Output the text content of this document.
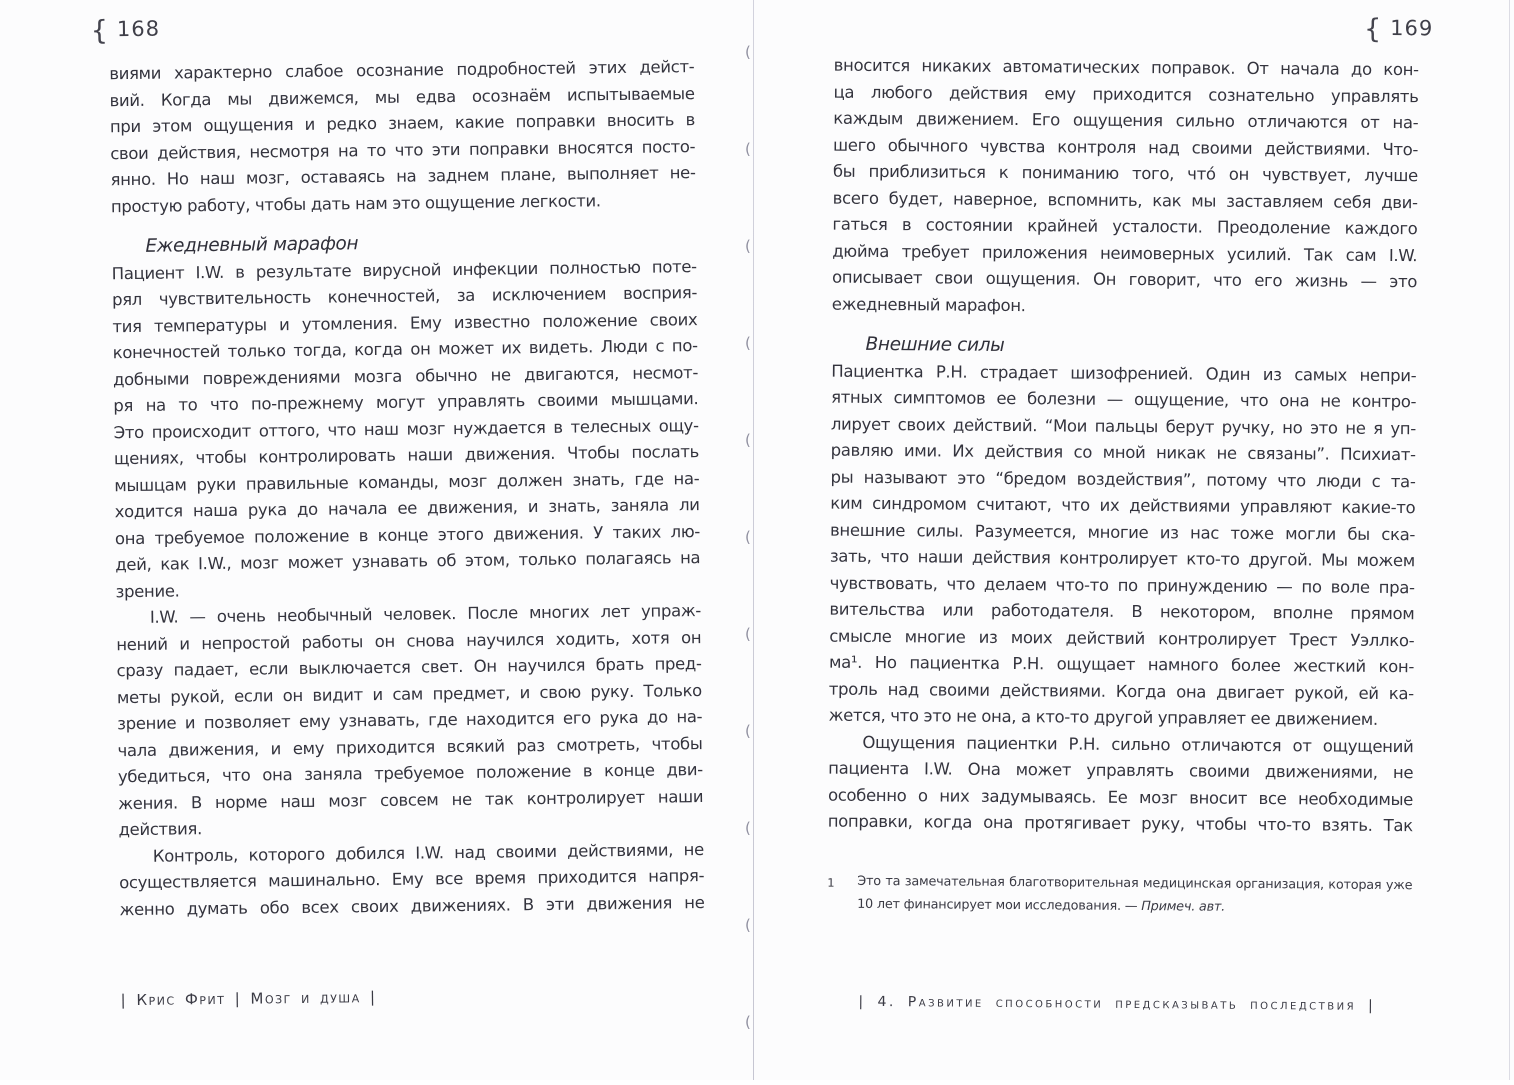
{ 168
виями характерно слабое осознание подробностей этих дейст-
вий. Когда мы движемся, мы едва осознаём испытываемые
при этом ощущения и редко знаем, какие поправки вносить в
свои действия, несмотря на то что эти поправки вносятся посто-
янно. Но наш мозг, оставаясь на заднем плане, выполняет не-
простую работу, чтобы дать нам это ощущение легкости.
Ежедневный марафон
Пациент I.W. в результате вирусной инфекции полностью поте-
рял чувствительность конечностей, за исключением восприя-
тия температуры и утомления. Ему известно положение своих
конечностей только тогда, когда он может их видеть. Люди с по-
добными повреждениями мозга обычно не двигаются, несмот-
ря на то что по-прежнему могут управлять своими мышцами.
Это происходит оттого, что наш мозг нуждается в телесных ощу-
щениях, чтобы контролировать наши движения. Чтобы послать
мышцам руки правильные команды, мозг должен знать, где на-
ходится наша рука до начала ее движения, и знать, заняла ли
она требуемое положение в конце этого движения. У таких лю-
дей, как I.W., мозг может узнавать об этом, только полагаясь на
зрение.
I.W. — очень необычный человек. После многих лет упраж-
нений и непростой работы он снова научился ходить, хотя он
сразу падает, если выключается свет. Он научился брать пред-
меты рукой, если он видит и сам предмет, и свою руку. Только
зрение и позволяет ему узнавать, где находится его рука до на-
чала движения, и ему приходится всякий раз смотреть, чтобы
убедиться, что она заняла требуемое положение в конце дви-
жения. В норме наш мозг совсем не так контролирует наши
действия.
Контроль, которого добился I.W. над своими действиями, не
осуществляется машинально. Ему все время приходится напря-
женно думать обо всех своих движениях. В эти движения не
| Крис Фрит | Мозг и душа |
{ 169
вносится никаких автоматических поправок. От начала до кон-
ца любого действия ему приходится сознательно управлять
каждым движением. Его ощущения сильно отличаются от на-
шего обычного чувства контроля над своими действиями. Что-
бы приблизиться к пониманию того, что́ он чувствует, лучше
всего будет, наверное, вспомнить, как мы заставляем себя дви-
гаться в состоянии крайней усталости. Преодоление каждого
дюйма требует приложения неимоверных усилий. Так сам I.W.
описывает свои ощущения. Он говорит, что его жизнь — это
ежедневный марафон.
Внешние силы
Пациентка Р.Н. страдает шизофренией. Один из самых непри-
ятных симптомов ее болезни — ощущение, что она не контро-
лирует своих действий. “Мои пальцы берут ручку, но это не я уп-
равляю ими. Их действия со мной никак не связаны”. Психиат-
ры называют это “бредом воздействия”, потому что люди с та-
ким синдромом считают, что их действиями управляют какие-то
внешние силы. Разумеется, многие из нас тоже могли бы ска-
зать, что наши действия контролирует кто-то другой. Мы можем
чувствовать, что делаем что-то по принуждению — по воле пра-
вительства или работодателя. В некотором, вполне прямом
смысле многие из моих действий контролирует Трест Уэллко-
ма¹. Но пациентка Р.Н. ощущает намного более жесткий кон-
троль над своими действиями. Когда она двигает рукой, ей ка-
жется, что это не она, а кто-то другой управляет ее движением.
Ощущения пациентки Р.Н. сильно отличаются от ощущений
пациента I.W. Она может управлять своими движениями, не
особенно о них задумываясь. Ее мозг вносит все необходимые
поправки, когда она протягивает руку, чтобы что-то взять. Так
1	Это та замечательная благотворительная медицинская организация, которая уже
10 лет финансирует мои исследования. — Примеч. авт.
| 4. Развитие способности предсказывать последствия |
(
(
(
(
(
(
(
(
(
(
(
